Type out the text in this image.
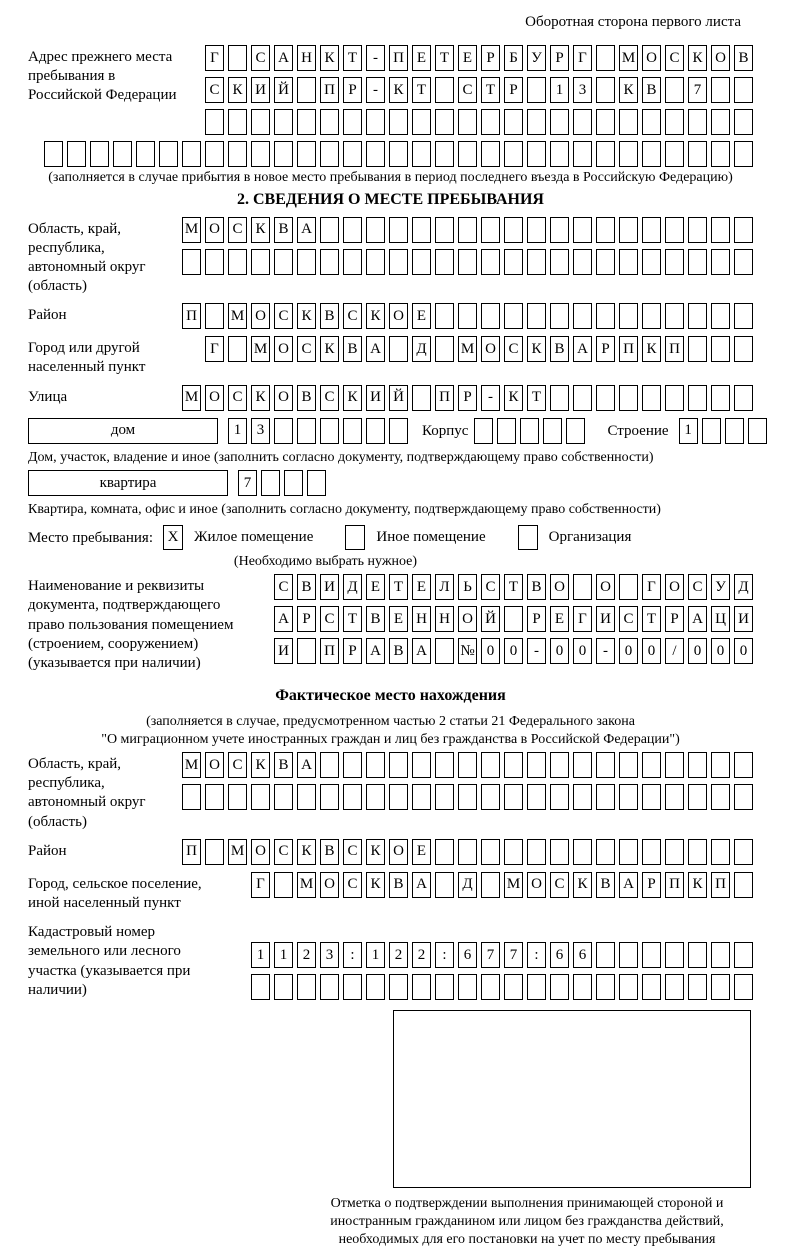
Оборотная сторона первого листа
Адрес прежнего места пребывания в Российской Федерации
Г	С А Н К Т	-	П Е Т Е Р Б У Р Г	М О С К О В
С К И Й П Р	-	К Т	С Т Р	1	3	К В	7
(заполняется в случае прибытия в новое место пребывания в период последнего въезда в Российскую Федерацию)
2. СВЕДЕНИЯ О МЕСТЕ ПРЕБЫВАНИЯ
Область, край, республика, автономный округ (область)
М О С К В А
Район	П М О С К В С К О Е
Город или другой населенный пункт
Г	М О С К В А Д М О С К В А Р П К П
Улица	М О С К О В С К И Й П Р	-	К Т
дом	1	3	Корпус	Строение	1
Дом, участок, владение и иное (заполнить согласно документу, подтверждающему право собственности)
квартира	7
Квартира, комната, офис и иное (заполнить согласно документу, подтверждающему право собственности)
Место пребывания: X	Жилое помещение	Иное помещение	Организация
(Необходимо выбрать нужное)
Наименование и реквизиты документа, подтверждающего право пользования помещением (строением, сооружением) (указывается при наличии)
С В И Д Е Т Е Л Ь С Т В О О	Г О С У Д
А Р С Т В Е Н Н О Й	Р Е Г И С Т Р А Ц И
И П Р А В А № 0	0	-	0	0	-	0	0	/	0	0	0
Фактическое место нахождения
(заполняется в случае, предусмотренном частью 2 статьи 21 Федерального закона
"О миграционном учете иностранных граждан и лиц без гражданства в Российской Федерации")
Область, край, республика, автономный округ (область)
М О С К В А
Район	П М О С К В С К О Е
Город, сельское поселение, иной населенный пункт
Г	М О С К В А Д М О С К В А Р П К П
Кадастровый номер земельного или лесного участка (указывается при наличии)
1	1	2	3	:	1	2	2	:	6	7	7	:	6	6
Отметка о подтверждении выполнения принимающей стороной и иностранным гражданином или лицом без гражданства действий, необходимых для его постановки на учет по месту пребывания
